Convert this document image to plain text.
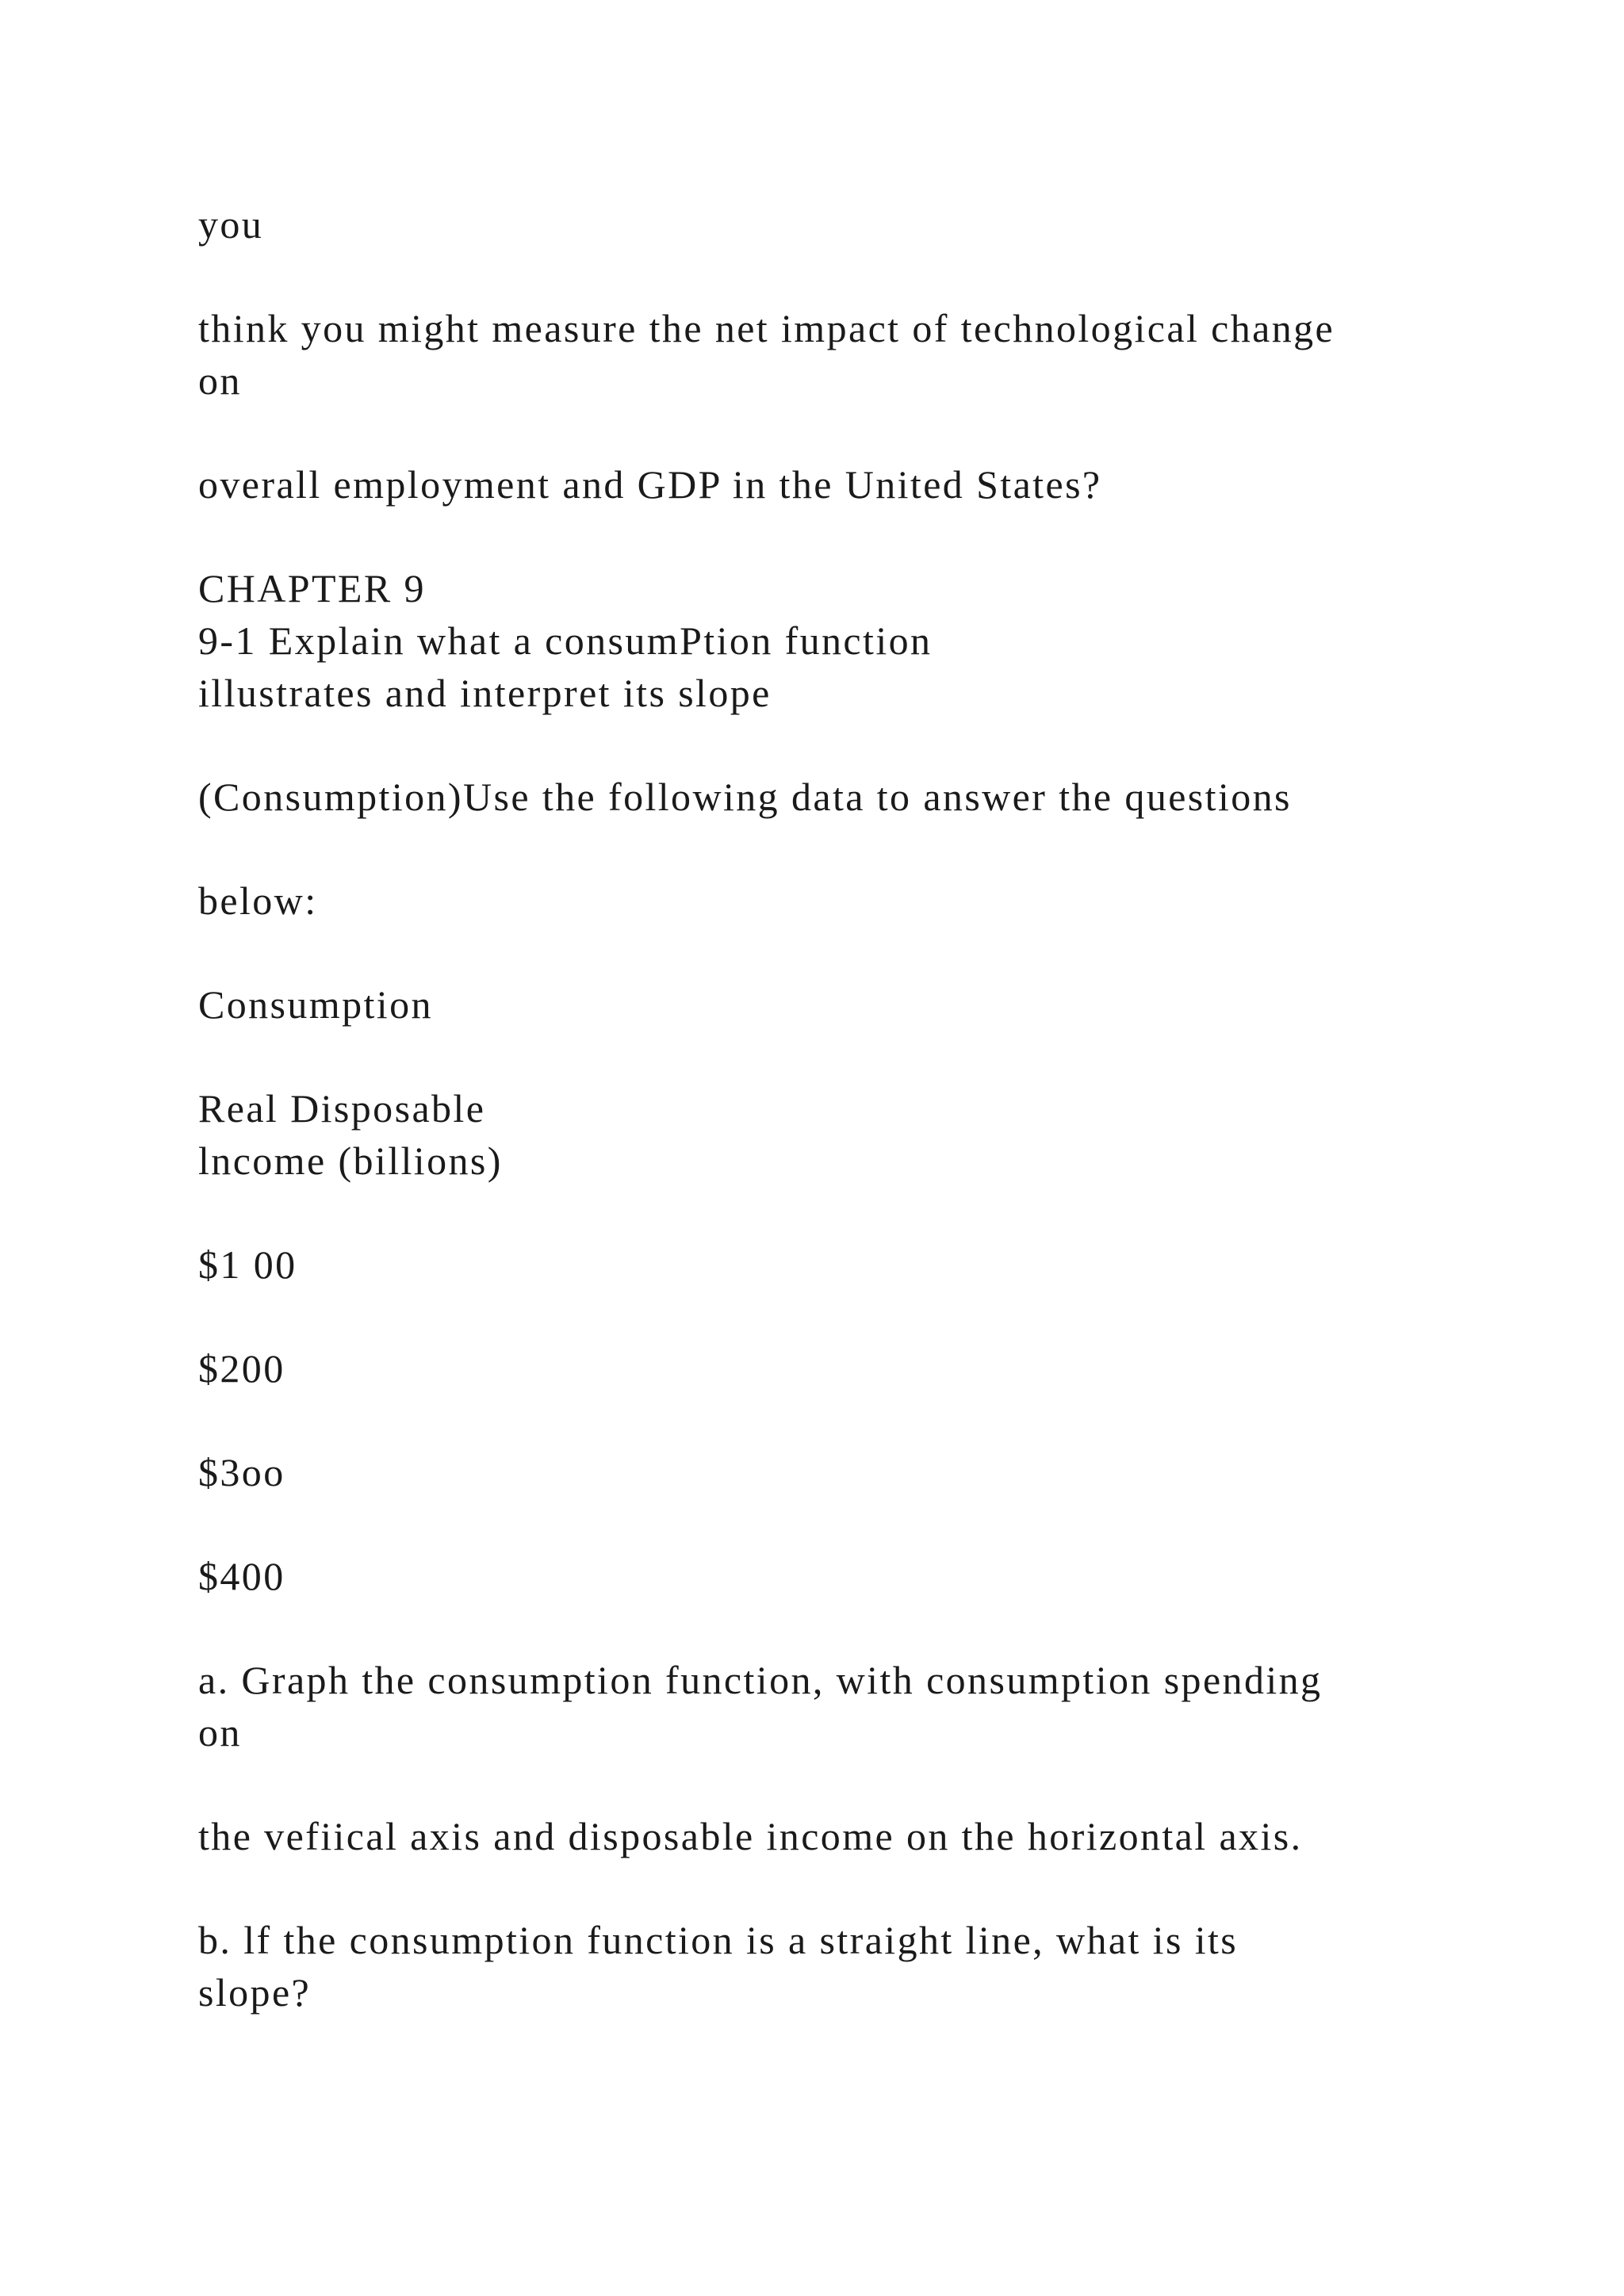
you

think you might measure the net impact of technological change

on

overall employment and GDP in the United States?

CHAPTER 9

9-1 Explain what a consumPtion function

illustrates and interpret its slope

(Consumption)Use the following data to answer the questions

below:

Consumption

Real Disposable

lncome (billions)

$1 00

$200

$3oo

$400

a. Graph the consumption function, with consumption spending

on

the vefiical axis and disposable income on the horizontal axis.

b. lf the consumption function is a straight line, what is its

slope?
